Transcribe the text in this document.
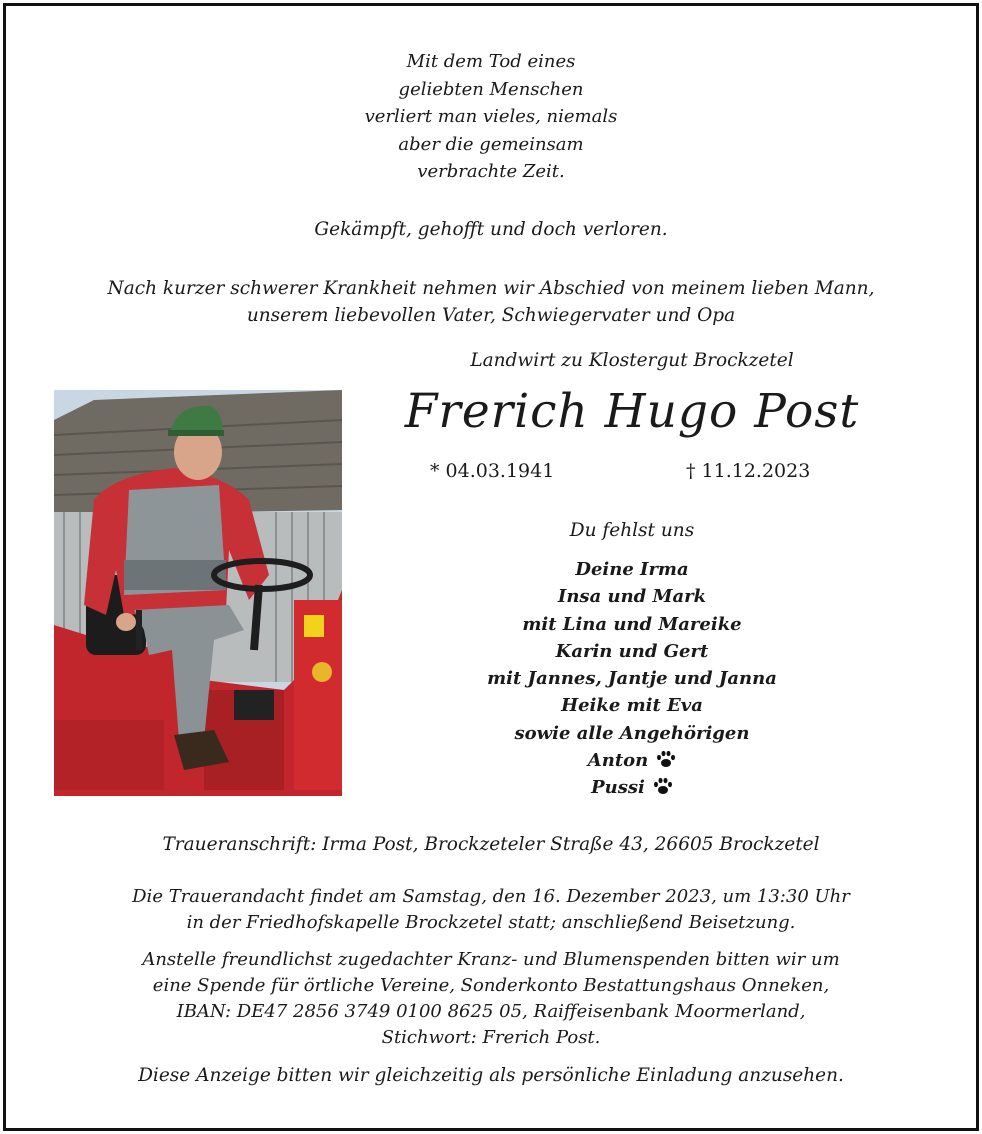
Mit dem Tod eines
geliebten Menschen
verliert man vieles, niemals
aber die gemeinsam
verbrachte Zeit.
Gekämpft, gehofft und doch verloren.
Nach kurzer schwerer Krankheit nehmen wir Abschied von meinem lieben Mann,
unserem liebevollen Vater, Schwiegervater und Opa
Landwirt zu Klostergut Brockzetel
Frerich Hugo Post
* 04.03.1941	† 11.12.2023
Du fehlst uns
Deine Irma
Insa und Mark
mit Lina und Mareike
Karin und Gert
mit Jannes, Jantje und Janna
Heike mit Eva
sowie alle Angehörigen
Anton
Pussi
Traueranschrift: Irma Post, Brockzeteler Straße 43, 26605 Brockzetel
Die Trauerandacht findet am Samstag, den 16. Dezember 2023, um 13:30 Uhr
in der Friedhofskapelle Brockzetel statt; anschließend Beisetzung.
Anstelle freundlichst zugedachter Kranz- und Blumenspenden bitten wir um
eine Spende für örtliche Vereine, Sonderkonto Bestattungshaus Onneken,
IBAN: DE47 2856 3749 0100 8625 05, Raiffeisenbank Moormerland,
Stichwort: Frerich Post.
Diese Anzeige bitten wir gleichzeitig als persönliche Einladung anzusehen.
